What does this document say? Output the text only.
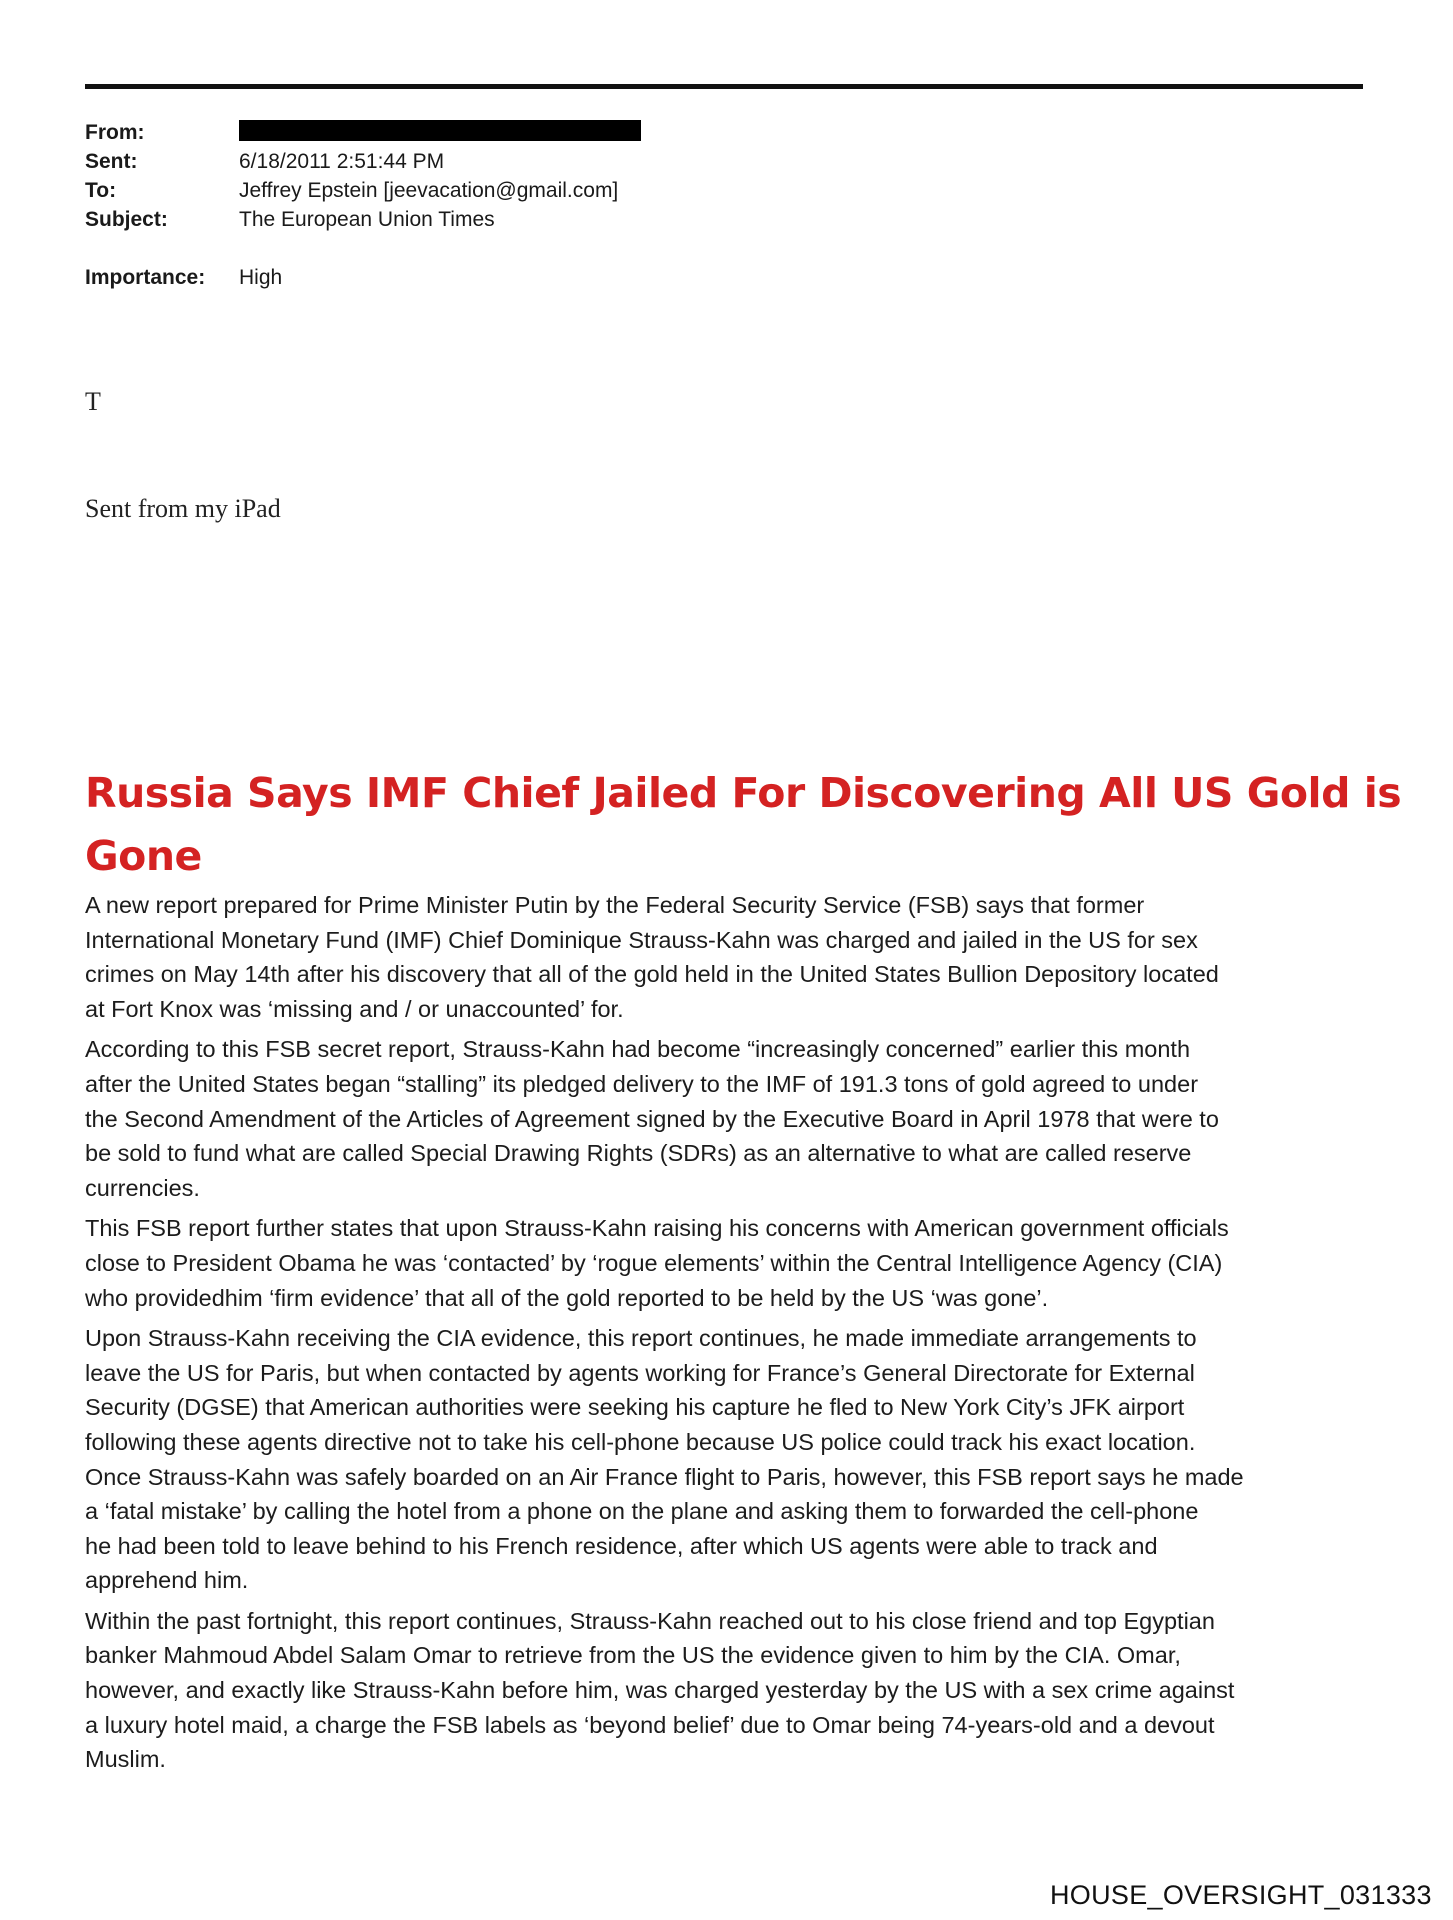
From:
Sent:	6/18/2011 2:51:44 PM
To:	Jeffrey Epstein [jeevacation@gmail.com]
Subject:	The European Union Times
Importance:	High
T
Sent from my iPad
Russia Says IMF Chief Jailed For Discovering All US Gold is
Gone

A new report prepared for Prime Minister Putin by the Federal Security Service (FSB) says that former
International Monetary Fund (IMF) Chief Dominique Strauss-Kahn was charged and jailed in the US for sex
crimes on May 14th after his discovery that all of the gold held in the United States Bullion Depository located
at Fort Knox was ‘missing and / or unaccounted’ for.

According to this FSB secret report, Strauss-Kahn had become “increasingly concerned” earlier this month
after the United States began “stalling” its pledged delivery to the IMF of 191.3 tons of gold agreed to under
the Second Amendment of the Articles of Agreement signed by the Executive Board in April 1978 that were to
be sold to fund what are called Special Drawing Rights (SDRs) as an alternative to what are called reserve
currencies.

This FSB report further states that upon Strauss-Kahn raising his concerns with American government officials
close to President Obama he was ‘contacted’ by ‘rogue elements’ within the Central Intelligence Agency (CIA)
who providedhim ‘firm evidence’ that all of the gold reported to be held by the US ‘was gone’.

Upon Strauss-Kahn receiving the CIA evidence, this report continues, he made immediate arrangements to
leave the US for Paris, but when contacted by agents working for France’s General Directorate for External
Security (DGSE) that American authorities were seeking his capture he fled to New York City’s JFK airport
following these agents directive not to take his cell-phone because US police could track his exact location.
Once Strauss-Kahn was safely boarded on an Air France flight to Paris, however, this FSB report says he made
a ‘fatal mistake’ by calling the hotel from a phone on the plane and asking them to forwarded the cell-phone
he had been told to leave behind to his French residence, after which US agents were able to track and
apprehend him.

Within the past fortnight, this report continues, Strauss-Kahn reached out to his close friend and top Egyptian
banker Mahmoud Abdel Salam Omar to retrieve from the US the evidence given to him by the CIA. Omar,
however, and exactly like Strauss-Kahn before him, was charged yesterday by the US with a sex crime against
a luxury hotel maid, a charge the FSB labels as ‘beyond belief’ due to Omar being 74-years-old and a devout
Muslim.

HOUSE_OVERSIGHT_031333
